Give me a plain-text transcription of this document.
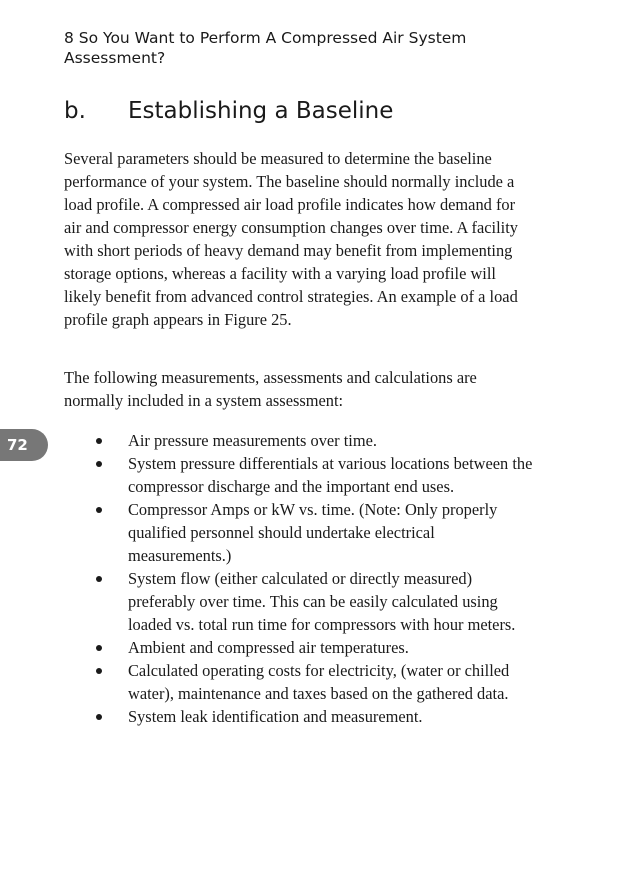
8 So You Want to Perform A Compressed Air System Assessment?
b. Establishing a Baseline

Several parameters should be measured to determine the baseline performance of your system. The baseline should normally include a load profile. A compressed air load profile indicates how demand for air and compressor energy consumption changes over time. A facility with short periods of heavy demand may benefit from implementing storage options, whereas a facility with a varying load profile will likely benefit from advanced control strategies. An example of a load profile graph appears in Figure 25.

The following measurements, assessments and calculations are normally included in a system assessment:

Air pressure measurements over time.
System pressure differentials at various locations between the compressor discharge and the important end uses.
Compressor Amps or kW vs. time. (Note: Only properly qualified personnel should undertake electrical measurements.)
System flow (either calculated or directly measured) preferably over time. This can be easily calculated using loaded vs. total run time for compressors with hour meters.
Ambient and compressed air temperatures.
Calculated operating costs for electricity, (water or chilled water), maintenance and taxes based on the gathered data.
System leak identification and measurement.
72
